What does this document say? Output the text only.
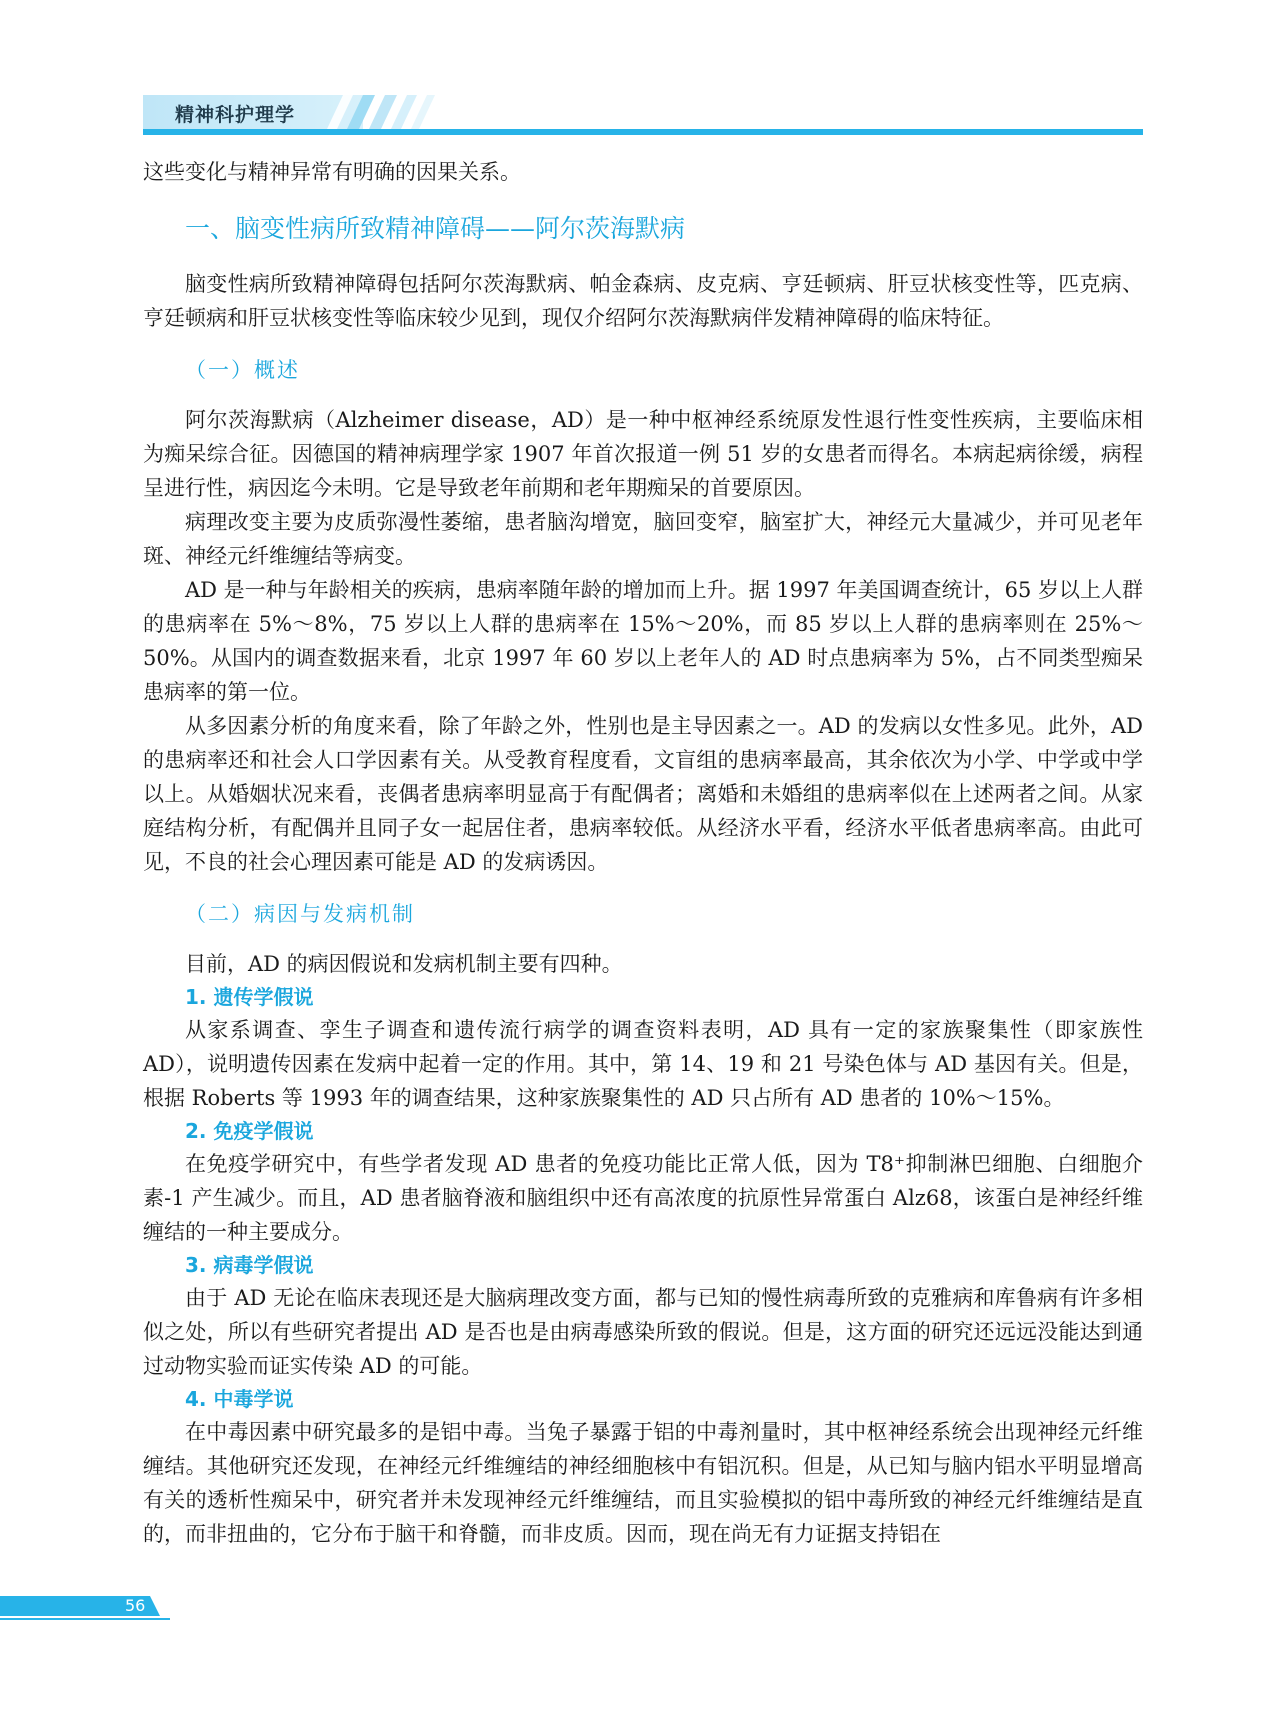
精神科护理学

这些变化与精神异常有明确的因果关系。

一、脑变性病所致精神障碍——阿尔茨海默病

脑变性病所致精神障碍包括阿尔茨海默病、帕金森病、皮克病、亨廷顿病、肝豆状核变性等，匹克病、亨廷顿病和肝豆状核变性等临床较少见到，现仅介绍阿尔茨海默病伴发精神障碍的临床特征。

（一）概述

阿尔茨海默病（Alzheimer disease，AD）是一种中枢神经系统原发性退行性变性疾病，主要临床相为痴呆综合征。因德国的精神病理学家 1907 年首次报道一例 51 岁的女患者而得名。本病起病徐缓，病程呈进行性，病因迄今未明。它是导致老年前期和老年期痴呆的首要原因。

病理改变主要为皮质弥漫性萎缩，患者脑沟增宽，脑回变窄，脑室扩大，神经元大量减少，并可见老年斑、神经元纤维缠结等病变。

AD 是一种与年龄相关的疾病，患病率随年龄的增加而上升。据 1997 年美国调查统计，65 岁以上人群的患病率在 5%～8%，75 岁以上人群的患病率在 15%～20%，而 85 岁以上人群的患病率则在 25%～50%。从国内的调查数据来看，北京 1997 年 60 岁以上老年人的 AD 时点患病率为 5%，占不同类型痴呆患病率的第一位。

从多因素分析的角度来看，除了年龄之外，性别也是主导因素之一。AD 的发病以女性多见。此外，AD 的患病率还和社会人口学因素有关。从受教育程度看，文盲组的患病率最高，其余依次为小学、中学或中学以上。从婚姻状况来看，丧偶者患病率明显高于有配偶者；离婚和未婚组的患病率似在上述两者之间。从家庭结构分析，有配偶并且同子女一起居住者，患病率较低。从经济水平看，经济水平低者患病率高。由此可见，不良的社会心理因素可能是 AD 的发病诱因。

（二）病因与发病机制

目前，AD 的病因假说和发病机制主要有四种。

1. 遗传学假说

从家系调查、孪生子调查和遗传流行病学的调查资料表明，AD 具有一定的家族聚集性（即家族性 AD），说明遗传因素在发病中起着一定的作用。其中，第 14、19 和 21 号染色体与 AD 基因有关。但是，根据 Roberts 等 1993 年的调查结果，这种家族聚集性的 AD 只占所有 AD 患者的 10%～15%。

2. 免疫学假说

在免疫学研究中，有些学者发现 AD 患者的免疫功能比正常人低，因为 T8⁺抑制淋巴细胞、白细胞介素-1 产生减少。而且，AD 患者脑脊液和脑组织中还有高浓度的抗原性异常蛋白 Alz68，该蛋白是神经纤维缠结的一种主要成分。

3. 病毒学假说

由于 AD 无论在临床表现还是大脑病理改变方面，都与已知的慢性病毒所致的克雅病和库鲁病有许多相似之处，所以有些研究者提出 AD 是否也是由病毒感染所致的假说。但是，这方面的研究还远远没能达到通过动物实验而证实传染 AD 的可能。

4. 中毒学说

在中毒因素中研究最多的是铝中毒。当兔子暴露于铝的中毒剂量时，其中枢神经系统会出现神经元纤维缠结。其他研究还发现，在神经元纤维缠结的神经细胞核中有铝沉积。但是，从已知与脑内铝水平明显增高有关的透析性痴呆中，研究者并未发现神经元纤维缠结，而且实验模拟的铝中毒所致的神经元纤维缠结是直的，而非扭曲的，它分布于脑干和脊髓，而非皮质。因而，现在尚无有力证据支持铝在

56
